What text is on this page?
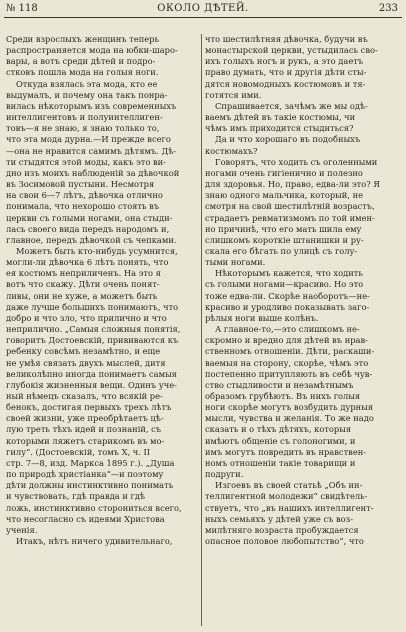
№ 118	ОКОЛО ДѢТЕЙ.	233
Среди взрослыхъ женщинъ теперь
распространяется мода на юбки-шаро-
вары, а вотъ среди дѣтей и подро-
стковъ пошла мода на голыя ноги.
Откуда взялась эта мода, кто ее
выдумалъ, и почему она такъ понра-
вилась нѣкоторымъ изъ современныхъ
интеллигентовъ и полуинтеллиген-
товъ—я не знаю, я знаю только то,
что эта мода дурна.—И прежде всего
—она не нравится самимъ дѣтямъ. Дѣ-
ти стыдятся этой моды, какъ это ви-
дно изъ моихъ наблюденій за дѣвочкой
въ Зосимовой пустыни. Несмотря
на свои 6—7 лѣтъ, дѣвочка отлично
понимала, что нехорошо стоять въ
церкви съ голыми ногами, она стыди-
лась своего вида передъ народомъ и,
главное, передъ дѣвочкой съ чепками.
Можетъ быть кто-нибудь усумнится,
могли-ли дѣвочка 6 лѣтъ понять, что
ея костюмъ неприличенъ. На это я
вотъ что скажу. Дѣти очень понят-
ливы, они не хуже, а можетъ быть
даже лучше большихъ понимаютъ, что
добро и что зло, что прилично и что
неприлично. „Самыя сложныя понятія,
говоритъ Достоевскій, прививаются къ
ребенку совсѣмъ незамѣтно, и еще
не умѣя связать двухъ мыслей, дитя
великолѣпно иногда понимаетъ самыя
глубокія жизненныя вещи. Одинъ уче-
ный нѣмецъ сказалъ, что всякій ре-
бенокъ, достигая первыхъ трехъ лѣтъ
своей жизни, уже преобрѣтаетъ цѣ-
лую треть тѣхъ идей и познаній, съ
которыми ляжетъ старикомъ въ мо-
гилу“. (Достоевскій, томъ X, ч. II
стр. 7—8, изд. Маркса 1895 г.). „Душа
по природѣ христіанка“—и поэтому
дѣти должны инстинктивно понимать
и чувствовать, гдѣ правда и гдѣ
ложь, инстинктивно сторониться всего,
что несогласно съ идеями Христова
ученія.
Итакъ, нѣтъ ничего удивительнаго,
что шестилѣтняя дѣвочка, будучи въ
монастырской церкви, устыдилась сво-
ихъ голыхъ ногъ и рукъ, а это даетъ
право думать, что и другія дѣти сты-
дятся новомодныхъ костюмовъ и тя-
готятся ими.
Спрашивается, зачѣмъ же мы одѣ-
ваемъ дѣтей въ такіе костюмы, чи
чѣмъ имъ приходится стыдиться?
Да и что хорошаго въ подобныхъ
костюмахъ?
Говорятъ, что ходить съ оголенными
ногами очень гигіенично и полезно
для здоровья. Но, право, едва-ли это? Я
знаю одного мальчика, который, не
смотря на свой шестилѣтній возрастъ,
страдаетъ ревматизмомъ по той имен-
но причинѣ, что его мать шила ему
слишкомъ короткіе штанишки и ру-
скала его бѣгать по улицѣ съ голу-
тыми ногами.
Нѣкоторымъ кажется, что ходить
съ голыми ногами—красиво. Но это
тоже едва-ли. Скорѣе наоборотъ—не-
красиво и уродливо показывать заго-
рѣлыя ноги выше колѣнъ.
А главное-то,—это слишкомъ не-
скромно и вредно для дѣтей въ нрав-
ственномъ отношеніи. Дѣти, раскаши-
ваемыя на сторону, скорѣе, чѣмъ это
постепенно притупляють въ себѣ чув-
ство стыдливости и незамѣтнымъ
образомъ грубѣютъ. Въ нихъ голыя
ноги скорѣе могутъ возбудить дурныя
мысли, чувства и желанія. То же надо
сказать и о тѣхъ дѣтяхъ, которыя
имѣютъ общеніе съ голоногими, и
имъ могутъ повредить въ нравствен-
номъ отношеніи такіе товарищи и
подруги.
Изгоевъ въ своей статьѣ „Объ ин-
теллигентной молодежи“ свидѣтель-
ствуетъ, что „въ нашихъ интеллигент-
ныхъ семьяхъ у дѣтей уже съ воз-
милѣтняго возраста пробуждается
опасное половое любопытство“, что
